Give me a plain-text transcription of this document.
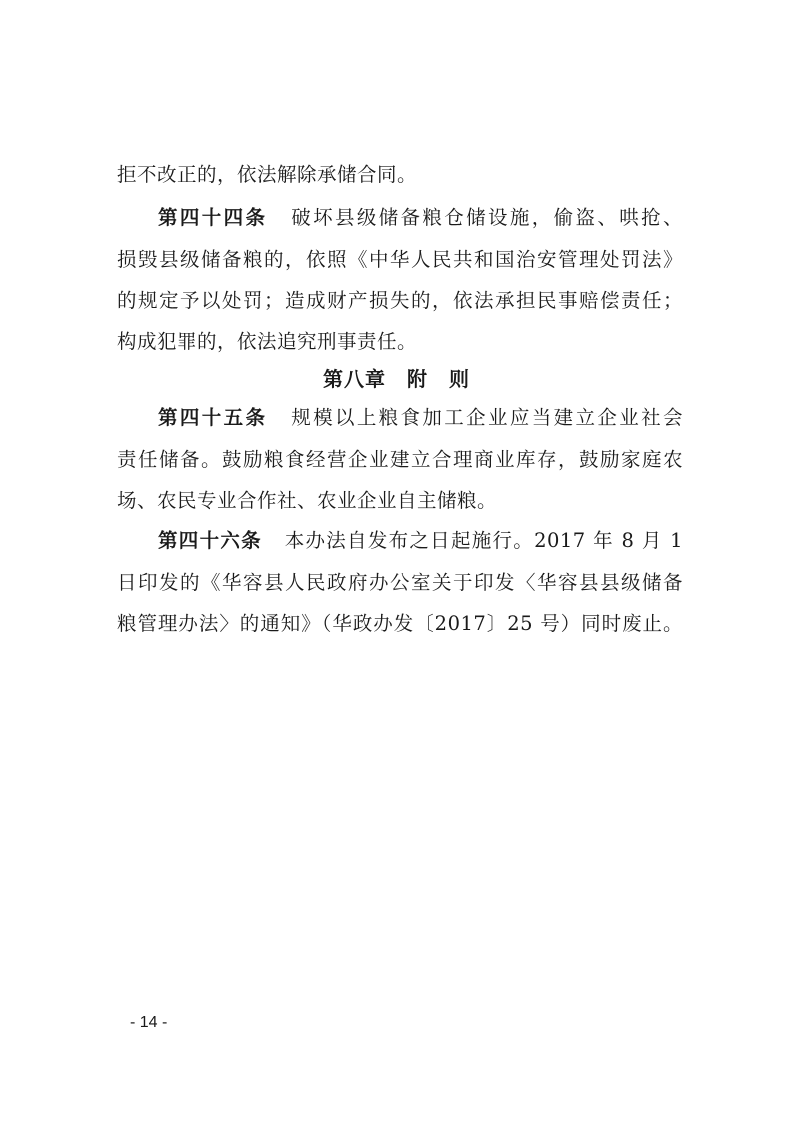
拒不改正的，依法解除承储合同。
第四十四条 破坏县级储备粮仓储设施，偷盗、哄抢、
损毁县级储备粮的，依照《中华人民共和国治安管理处罚法》
的规定予以处罚；造成财产损失的，依法承担民事赔偿责任；
构成犯罪的，依法追究刑事责任。
第八章　附　则
第四十五条 规模以上粮食加工企业应当建立企业社会
责任储备。鼓励粮食经营企业建立合理商业库存，鼓励家庭农
场、农民专业合作社、农业企业自主储粮。
第四十六条 本办法自发布之日起施行。2017 年 8 月 1
日印发的《华容县人民政府办公室关于印发〈华容县县级储备
粮管理办法〉的通知》（华政办发〔2017〕25 号）同时废止。
- 14 -
